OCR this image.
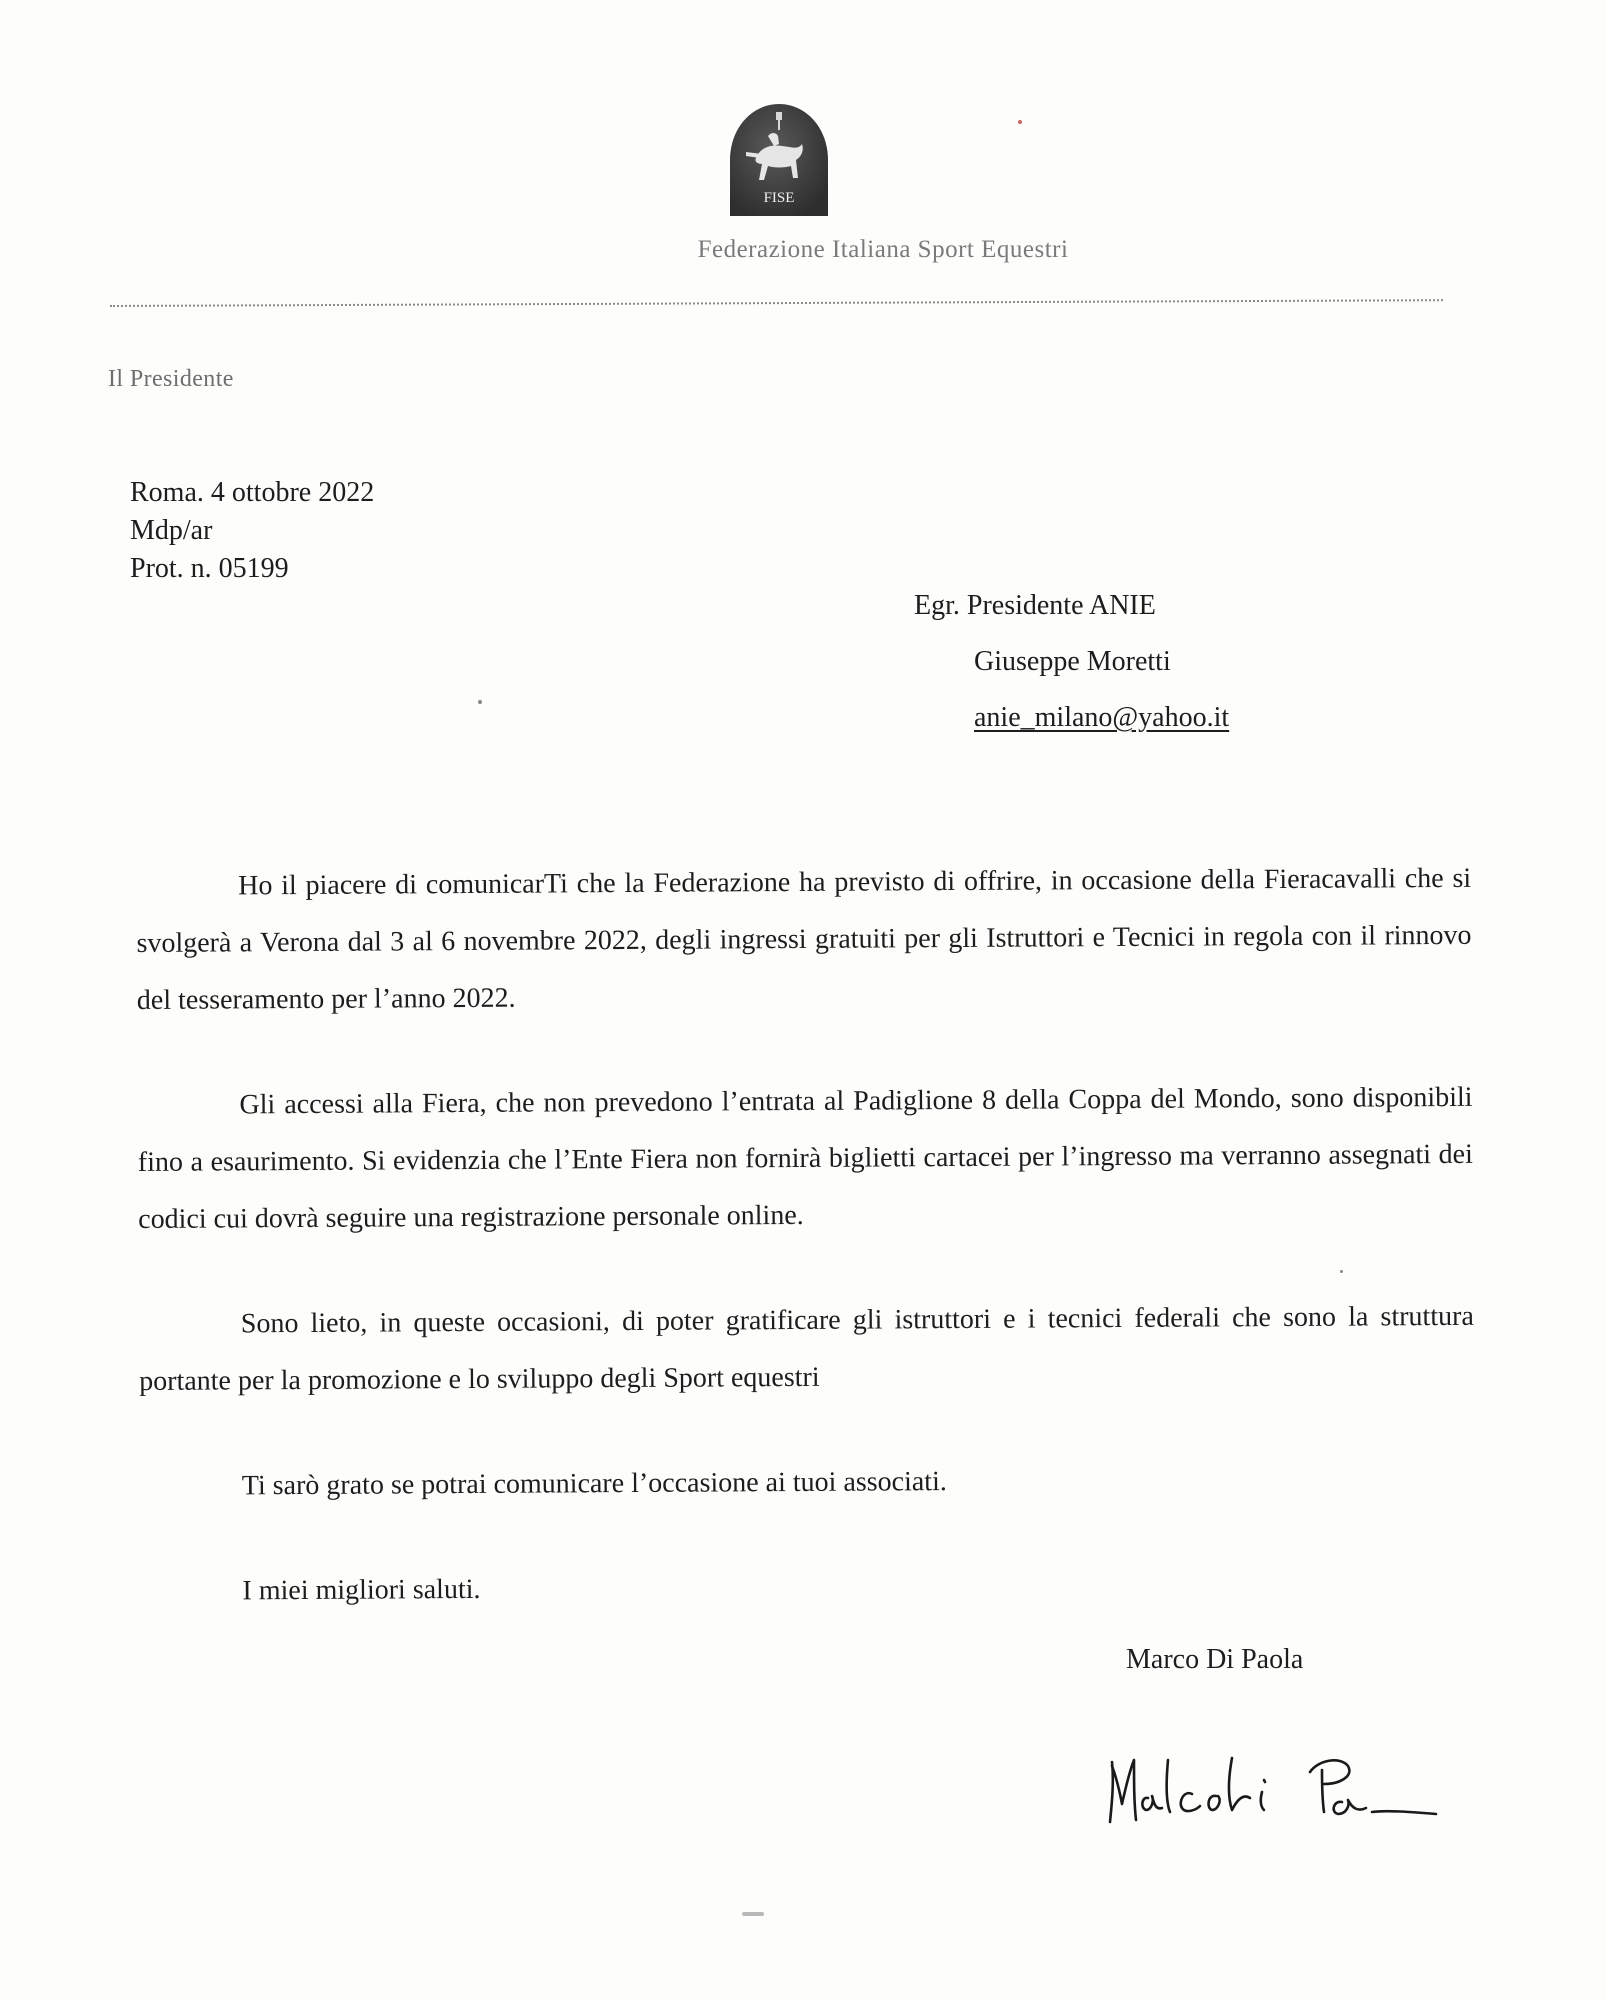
FISE
Federazione Italiana Sport Equestri
Il Presidente
Roma. 4 ottobre 2022
Mdp/ar
Prot. n. 05199
Egr. Presidente ANIE
Giuseppe Moretti
anie_milano@yahoo.it

Ho il piacere di comunicarTi che la Federazione ha previsto di offrire, in occasione della Fieracavalli che si svolgerà a Verona dal 3 al 6 novembre 2022, degli ingressi gratuiti per gli Istruttori e Tecnici in regola con il rinnovo del tesseramento per l’anno 2022.

Gli accessi alla Fiera, che non prevedono l’entrata al Padiglione 8 della Coppa del Mondo, sono disponibili fino a esaurimento. Si evidenzia che l’Ente Fiera non fornirà biglietti cartacei per l’ingresso ma verranno assegnati dei codici cui dovrà seguire una registrazione personale online.

Sono lieto, in queste occasioni, di poter gratificare gli istruttori e i tecnici federali che sono la struttura portante per la promozione e lo sviluppo degli Sport equestri

Ti sarò grato se potrai comunicare l’occasione ai tuoi associati.

I miei migliori saluti.

Marco Di Paola
